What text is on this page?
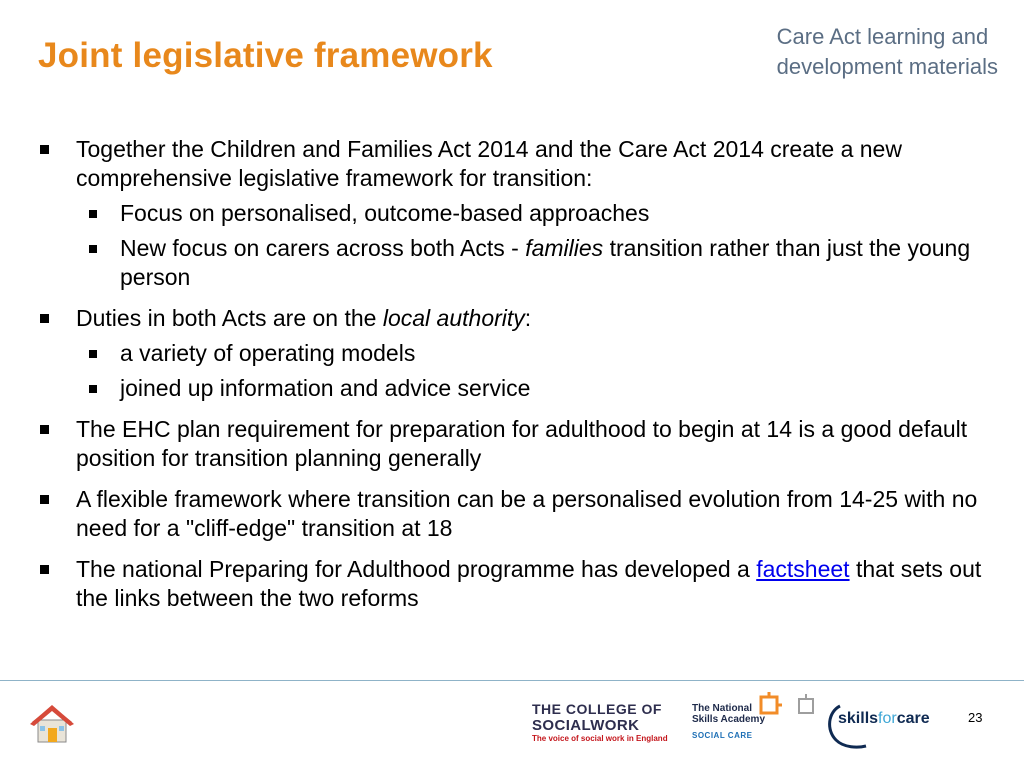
Joint legislative framework	Care Act learning and
development materials
Together the Children and Families Act 2014 and the Care Act 2014 create a new comprehensive legislative framework for transition:
Focus on personalised, outcome-based approaches
New focus on carers across both Acts - families transition rather than just the young person
Duties in both Acts are on the local authority:
a variety of operating models
joined up information and advice service
The EHC plan requirement for preparation for adulthood to begin at 14 is a good default position for transition planning generally
A flexible framework where transition can be a personalised evolution from 14-25 with no need for a "cliff-edge" transition at 18
The national Preparing for Adulthood programme has developed a factsheet that sets out the links between the two reforms
THE COLLEGE OF
SOCIALWORK
The voice of social work in England
The National
Skills Academy
SOCIAL CARE
skillsforcare	23
